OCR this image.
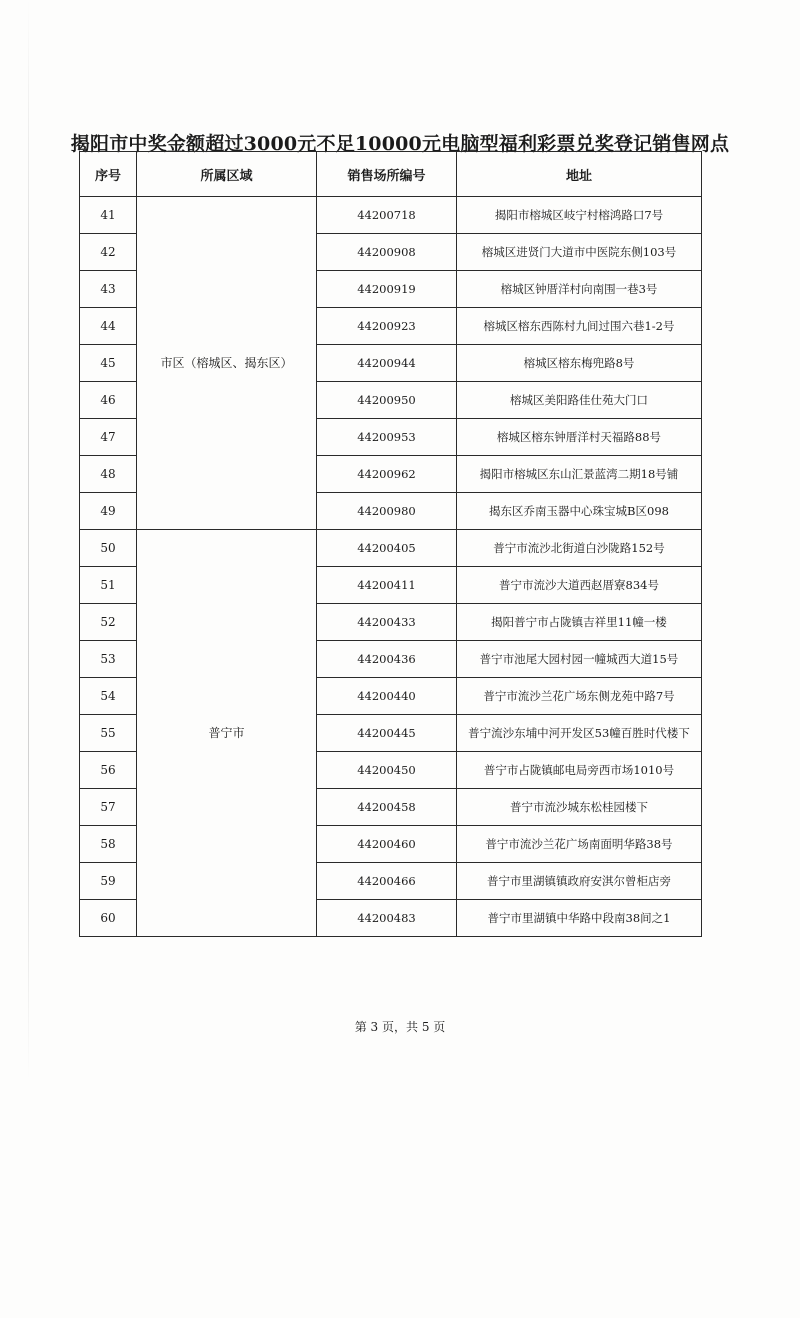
揭阳市中奖金额超过3000元不足10000元电脑型福利彩票兑奖登记销售网点
序号	所属区域	销售场所编号	地址
41	市区（榕城区、揭东区）	44200718	揭阳市榕城区岐宁村榕鸿路口7号
42		44200908	榕城区进贤门大道市中医院东侧103号
43		44200919	榕城区钟厝洋村向南围一巷3号
44		44200923	榕城区榕东西陈村九间过围六巷1-2号
45		44200944	榕城区榕东梅兜路8号
46		44200950	榕城区美阳路佳仕苑大门口
47		44200953	榕城区榕东钟厝洋村天福路88号
48		44200962	揭阳市榕城区东山汇景蓝湾二期18号铺
49		44200980	揭东区乔南玉器中心珠宝城B区098
50	普宁市	44200405	普宁市流沙北街道白沙陇路152号
51		44200411	普宁市流沙大道西赵厝寮834号
52		44200433	揭阳普宁市占陇镇吉祥里11幢一楼
53		44200436	普宁市池尾大园村园一幢城西大道15号
54		44200440	普宁市流沙兰花广场东侧龙苑中路7号
55		44200445	普宁流沙东埔中河开发区53幢百胜时代楼下
56		44200450	普宁市占陇镇邮电局旁西市场1010号
57		44200458	普宁市流沙城东松桂园楼下
58		44200460	普宁市流沙兰花广场南面明华路38号
59		44200466	普宁市里湖镇镇政府安淇尔曾柜店旁
60		44200483	普宁市里湖镇中华路中段南38间之1
第 3 页，共 5 页
